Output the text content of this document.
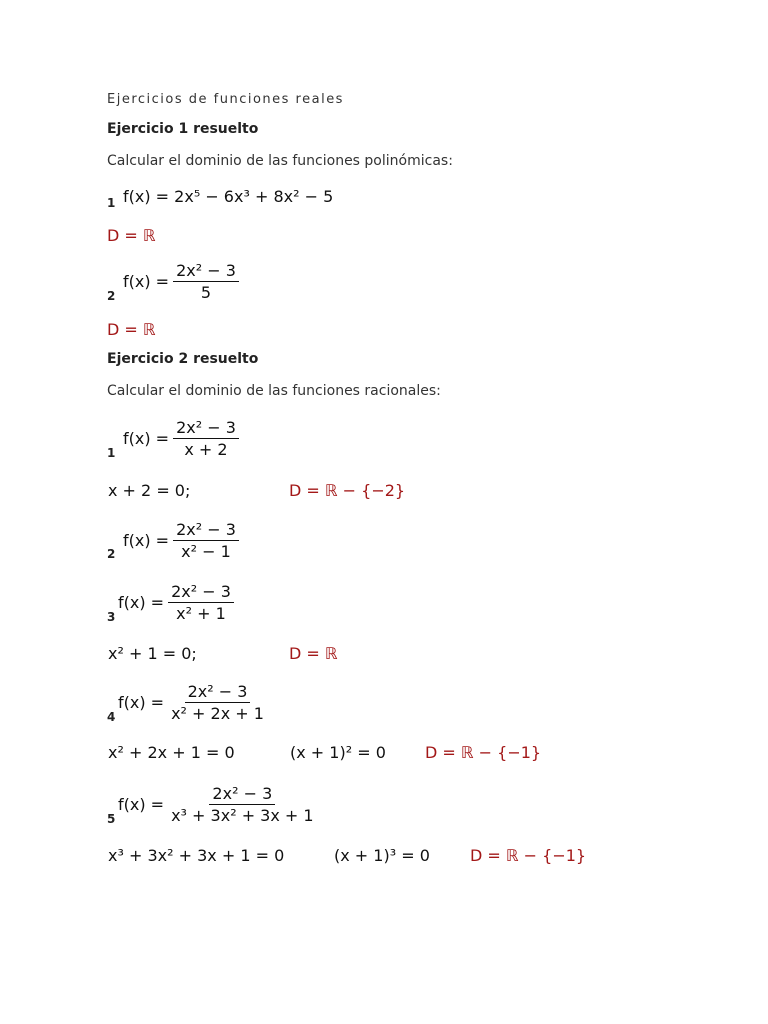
Ejercicios de funciones reales
Ejercicio 1 resuelto
Calcular el dominio de las funciones polinómicas:
1 f(x) = 2x⁵ − 6x³ + 8x² − 5
D = ℝ
2
$f(x) = \frac{\text{2x² − 3}}{5}$
D = ℝ
Ejercicio 2 resuelto
Calcular el dominio de las funciones racionales:
1
$f(x) = \frac{\text{2x² − 3}}{x + 2}$
x + 2 = 0;	D = ℝ − {−2}
2
$f(x) = \frac{\text{2x² − 3}}{\text{x² − 1}}$
3
$f(x) = \frac{\text{2x² − 3}}{\text{x² + 1}}$
x² + 1 = 0;	D = ℝ
4
$f(x) = \frac{\text{2x² − 3}}{\text{x² + 2x + 1}}$
x² + 2x + 1 = 0	(x + 1)² = 0 D = ℝ − {−1}
5
$f(x) = \frac{\text{2x² − 3}}{\text{x³ + 3x² + 3x + 1}}$
x³ + 3x² + 3x + 1 = 0	(x + 1)³ = 0	D = ℝ − {−1}
